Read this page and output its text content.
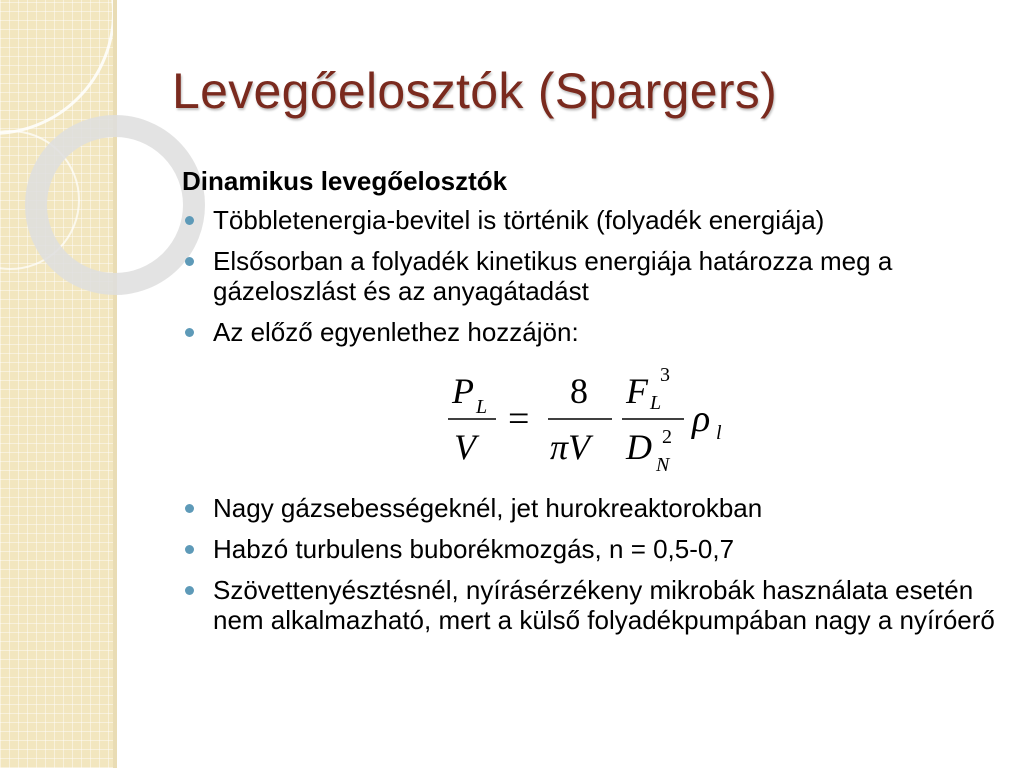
Levegőelosztók (Spargers)

Dinamikus levegőelosztók

Többletenergia-bevitel is történik (folyadék energiája)
Elsősorban a folyadék kinetikus energiája határozza meg a gázeloszlást és az anyagátadást
Az előző egyenlethez hozzájön:
P L
V
=
8
πV
F L
3
D N
2 ρ l
Nagy gázsebességeknél, jet hurokreaktorokban
Habzó turbulens buborékmozgás, n = 0,5-0,7
Szövettenyésztésnél, nyírásérzékeny mikrobák használata esetén nem alkalmazható, mert a külső folyadékpumpában nagy a nyíróerő
